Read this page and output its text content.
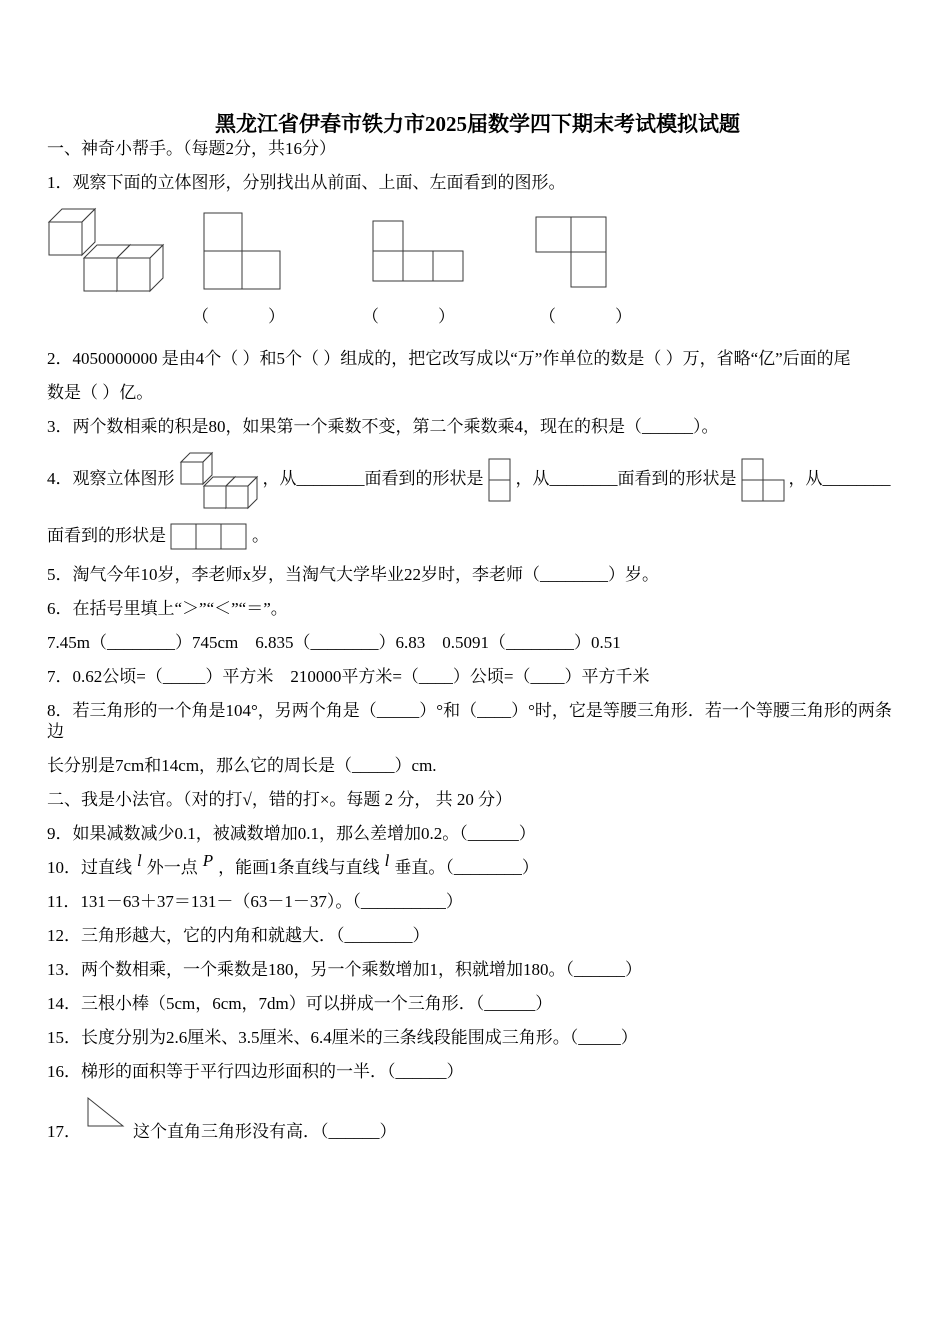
黑龙江省伊春市铁力市2025届数学四下期末考试模拟试题

一、神奇小帮手。（每题2分，共16分）

1．观察下面的立体图形，分别找出从前面、上面、左面看到的图形。

（　　　）	（　　　）	（　　　）

2．4050000000 是由4个（ ）和5个（ ）组成的，把它改写成以“万”作单位的数是（ ）万，省略“亿”后面的尾

数是（ ）亿。

3．两个数相乘的积是80，如果第一个乘数不变，第二个乘数乘4，现在的积是（______）。

4．观察立体图形	，从________面看到的形状是 ，从________面看到的形状是	，从________

面看到的形状是	。

5．淘气今年10岁，李老师x岁，当淘气大学毕业22岁时，李老师（________）岁。

6．在括号里填上“＞”“＜”“＝”。

7.45m（________）745cm　6.835（________）6.83　0.5091（________）0.51

7．0.62公顷=（_____）平方米　210000平方米=（____）公顷=（____）平方千米

8．若三角形的一个角是104°，另两个角是（_____）°和（____）°时，它是等腰三角形．若一个等腰三角形的两条边

长分别是7cm和14cm，那么它的周长是（_____）cm.

二、我是小法官。（对的打√，错的打×。每题 2 分， 共 20 分）

9．如果减数减少0.1，被减数增加0.1，那么差增加0.2。（______）

10．过直线 l 外一点 P ，能画1条直线与直线 l 垂直。（________）

11．131－63＋37＝131－（63－1－37）。（__________）

12．三角形越大，它的内角和就越大．（________）

13．两个数相乘，一个乘数是180，另一个乘数增加1，积就增加180。（______）

14．三根小棒（5cm，6cm，7dm）可以拼成一个三角形．（______）

15．长度分别为2.6厘米、3.5厘米、6.4厘米的三条线段能围成三角形。（_____）

16．梯形的面积等于平行四边形面积的一半．（______）

17．	这个直角三角形没有高．（______）
